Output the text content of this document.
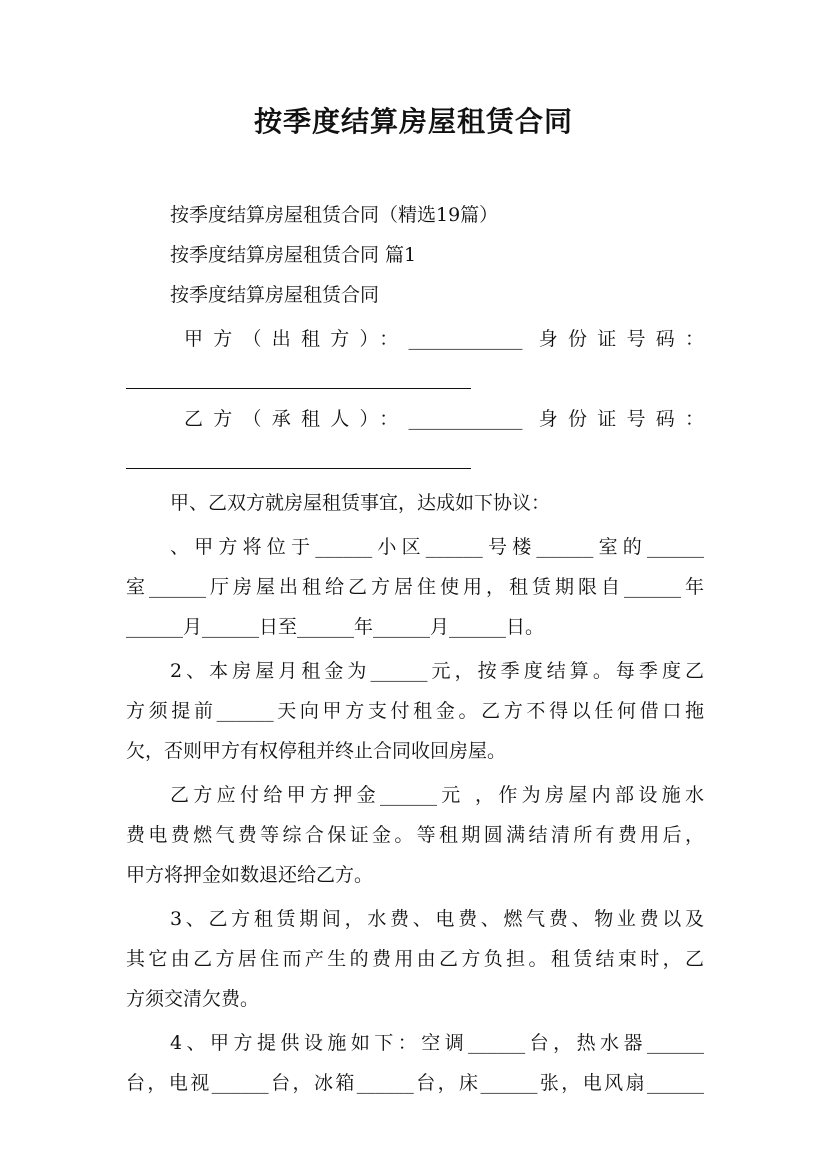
按季度结算房屋租赁合同
按季度结算房屋租赁合同（精选19篇）
按季度结算房屋租赁合同 篇1
按季度结算房屋租赁合同
甲方（出租方）：____________ 身份证号码：
乙方（承租人）：____________ 身份证号码：
甲、乙双方就房屋租赁事宜，达成如下协议：
、甲方将位于______小区______号楼______室的______
室______厅房屋出租给乙方居住使用，租赁期限自______年
______月______日至______年______月______日。
2、本房屋月租金为______元，按季度结算。每季度乙
方须提前______天向甲方支付租金。乙方不得以任何借口拖
欠，否则甲方有权停租并终止合同收回房屋。
乙方应付给甲方押金______元 ，作为房屋内部设施水
费电费燃气费等综合保证金。等租期圆满结清所有费用后，
甲方将押金如数退还给乙方。
3、乙方租赁期间，水费、电费、燃气费、物业费以及
其它由乙方居住而产生的费用由乙方负担。租赁结束时，乙
方须交清欠费。
4、甲方提供设施如下：空调______台，热水器______
台，电视______台，冰箱______台，床______张，电风扇______
